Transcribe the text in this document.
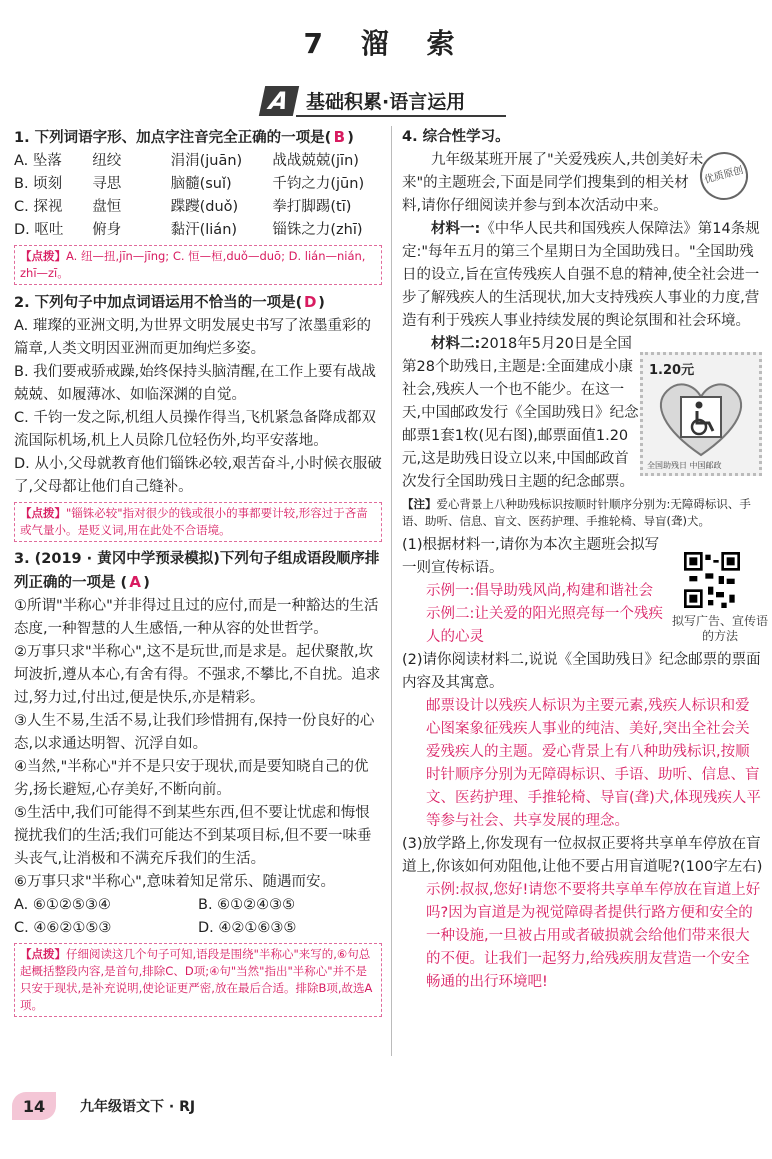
7 溜 索
A 基础积累·语言运用
1. 下列词语字形、加点字注音完全正确的一项是( B )
A. 坠落	纽绞	涓涓(juān)	战战兢兢(jīn)
B. 顷刻	寻思	脑髓(suǐ)	千钧之力(jūn)
C. 探视	盘恒	蹀躞(duǒ)	拳打脚踢(tī)
D. 呕吐	俯身	黏汗(lián)	锱铢之力(zhī)
【点拨】A. 纽—扭,jīn—jīng; C. 恒—桓,duǒ—duō; D. lián—nián, zhī—zī。
2. 下列句子中加点词语运用不恰当的一项是( D )
A. 璀璨的亚洲文明,为世界文明发展史书写了浓墨重彩的篇章,人类文明因亚洲而更加绚烂多姿。
B. 我们要戒骄戒躁,始终保持头脑清醒,在工作上要有战战兢兢、如履薄冰、如临深渊的自觉。
C. 千钧一发之际,机组人员操作得当,飞机紧急备降成都双流国际机场,机上人员除几位轻伤外,均平安落地。
D. 从小,父母就教育他们锱铢必较,艰苦奋斗,小时候衣服破了,父母都让他们自己缝补。
【点拨】"锱铢必较"指对很少的钱或很小的事都要计较,形容过于吝啬或气量小。是贬义词,用在此处不合语境。
3. (2019 · 黄冈中学预录模拟)下列句子组成语段顺序排列正确的一项是 ( A )
①所谓"半称心"并非得过且过的应付,而是一种豁达的生活态度,一种智慧的人生感悟,一种从容的处世哲学。
②万事只求"半称心",这不是玩世,而是求是。起伏聚散,坎坷波折,遵从本心,有舍有得。不强求,不攀比,不自扰。追求过,努力过,付出过,便是快乐,亦是精彩。
③人生不易,生活不易,让我们珍惜拥有,保持一份良好的心态,以求通达明智、沉浮自如。
④当然,"半称心"并不是只安于现状,而是要知晓自己的优劣,扬长避短,心存美好,不断向前。
⑤生活中,我们可能得不到某些东西,但不要让忧虑和悔恨搅扰我们的生活;我们可能达不到某项目标,但不要一味垂头丧气,让消极和不满充斥我们的生活。
⑥万事只求"半称心",意味着知足常乐、随遇而安。
A. ⑥①②⑤③④	B. ⑥①②④③⑤
C. ④⑥②①⑤③	D. ④②①⑥③⑤
【点拨】仔细阅读这几个句子可知,语段是围绕"半称心"来写的,⑥句总起概括整段内容,是首句,排除C、D项;④句"当然"指出"半称心"并不是只安于现状,是补充说明,使论证更严密,放在最后合适。排除B项,故选A项。
4. 综合性学习。
九年级某班开展了"关爱残疾人,共创美好未来"的主题班会,下面是同学们搜集到的相关材料,请你仔细阅读并参与到本次活动中来。
材料一:《中华人民共和国残疾人保障法》第14条规定:"每年五月的第三个星期日为全国助残日。"全国助残日的设立,旨在宣传残疾人自强不息的精神,使全社会进一步了解残疾人的生活现状,加大支持残疾人事业的力度,营造有利于残疾人事业持续发展的舆论氛围和社会环境。
材料二:2018年5月20日是全国第28个助残日,主题是:全面建成小康社会,残疾人一个也不能少。在这一天,中国邮政发行《全国助残日》纪念邮票1套1枚(见右图),邮票面值1.20元,这是助残日设立以来,中国邮政首次发行全国助残日主题的纪念邮票。
【注】爱心背景上八种助残标识按顺时针顺序分别为:无障碍标识、手语、助听、信息、盲文、医药护理、手推轮椅、导盲(聋)犬。
(1)根据材料一,请你为本次主题班会拟写一则宣传标语。
示例一:倡导助残风尚,构建和谐社会 示例二:让关爱的阳光照亮每一个残疾人的心灵
(2)请你阅读材料二,说说《全国助残日》纪念邮票的票面内容及其寓意。
邮票设计以残疾人标识为主要元素,残疾人标识和爱心图案象征残疾人事业的纯洁、美好,突出全社会关爱残疾人的主题。爱心背景上有八种助残标识,按顺时针顺序分别为无障碍标识、手语、助听、信息、盲文、医药护理、手推轮椅、导盲(聋)犬,体现残疾人平等参与社会、共享发展的理念。
(3)放学路上,你发现有一位叔叔正要将共享单车停放在盲道上,你该如何劝阻他,让他不要占用盲道呢?(100字左右)
示例:叔叔,您好!请您不要将共享单车停放在盲道上好吗?因为盲道是为视觉障碍者提供行路方便和安全的一种设施,一旦被占用或者破损就会给他们带来很大的不便。让我们一起努力,给残疾朋友营造一个安全畅通的出行环境吧!
优质原创
1.20元
全国助残日 中国邮政
拟写广告、宣传语的方法
14	九年级语文下 · RJ
